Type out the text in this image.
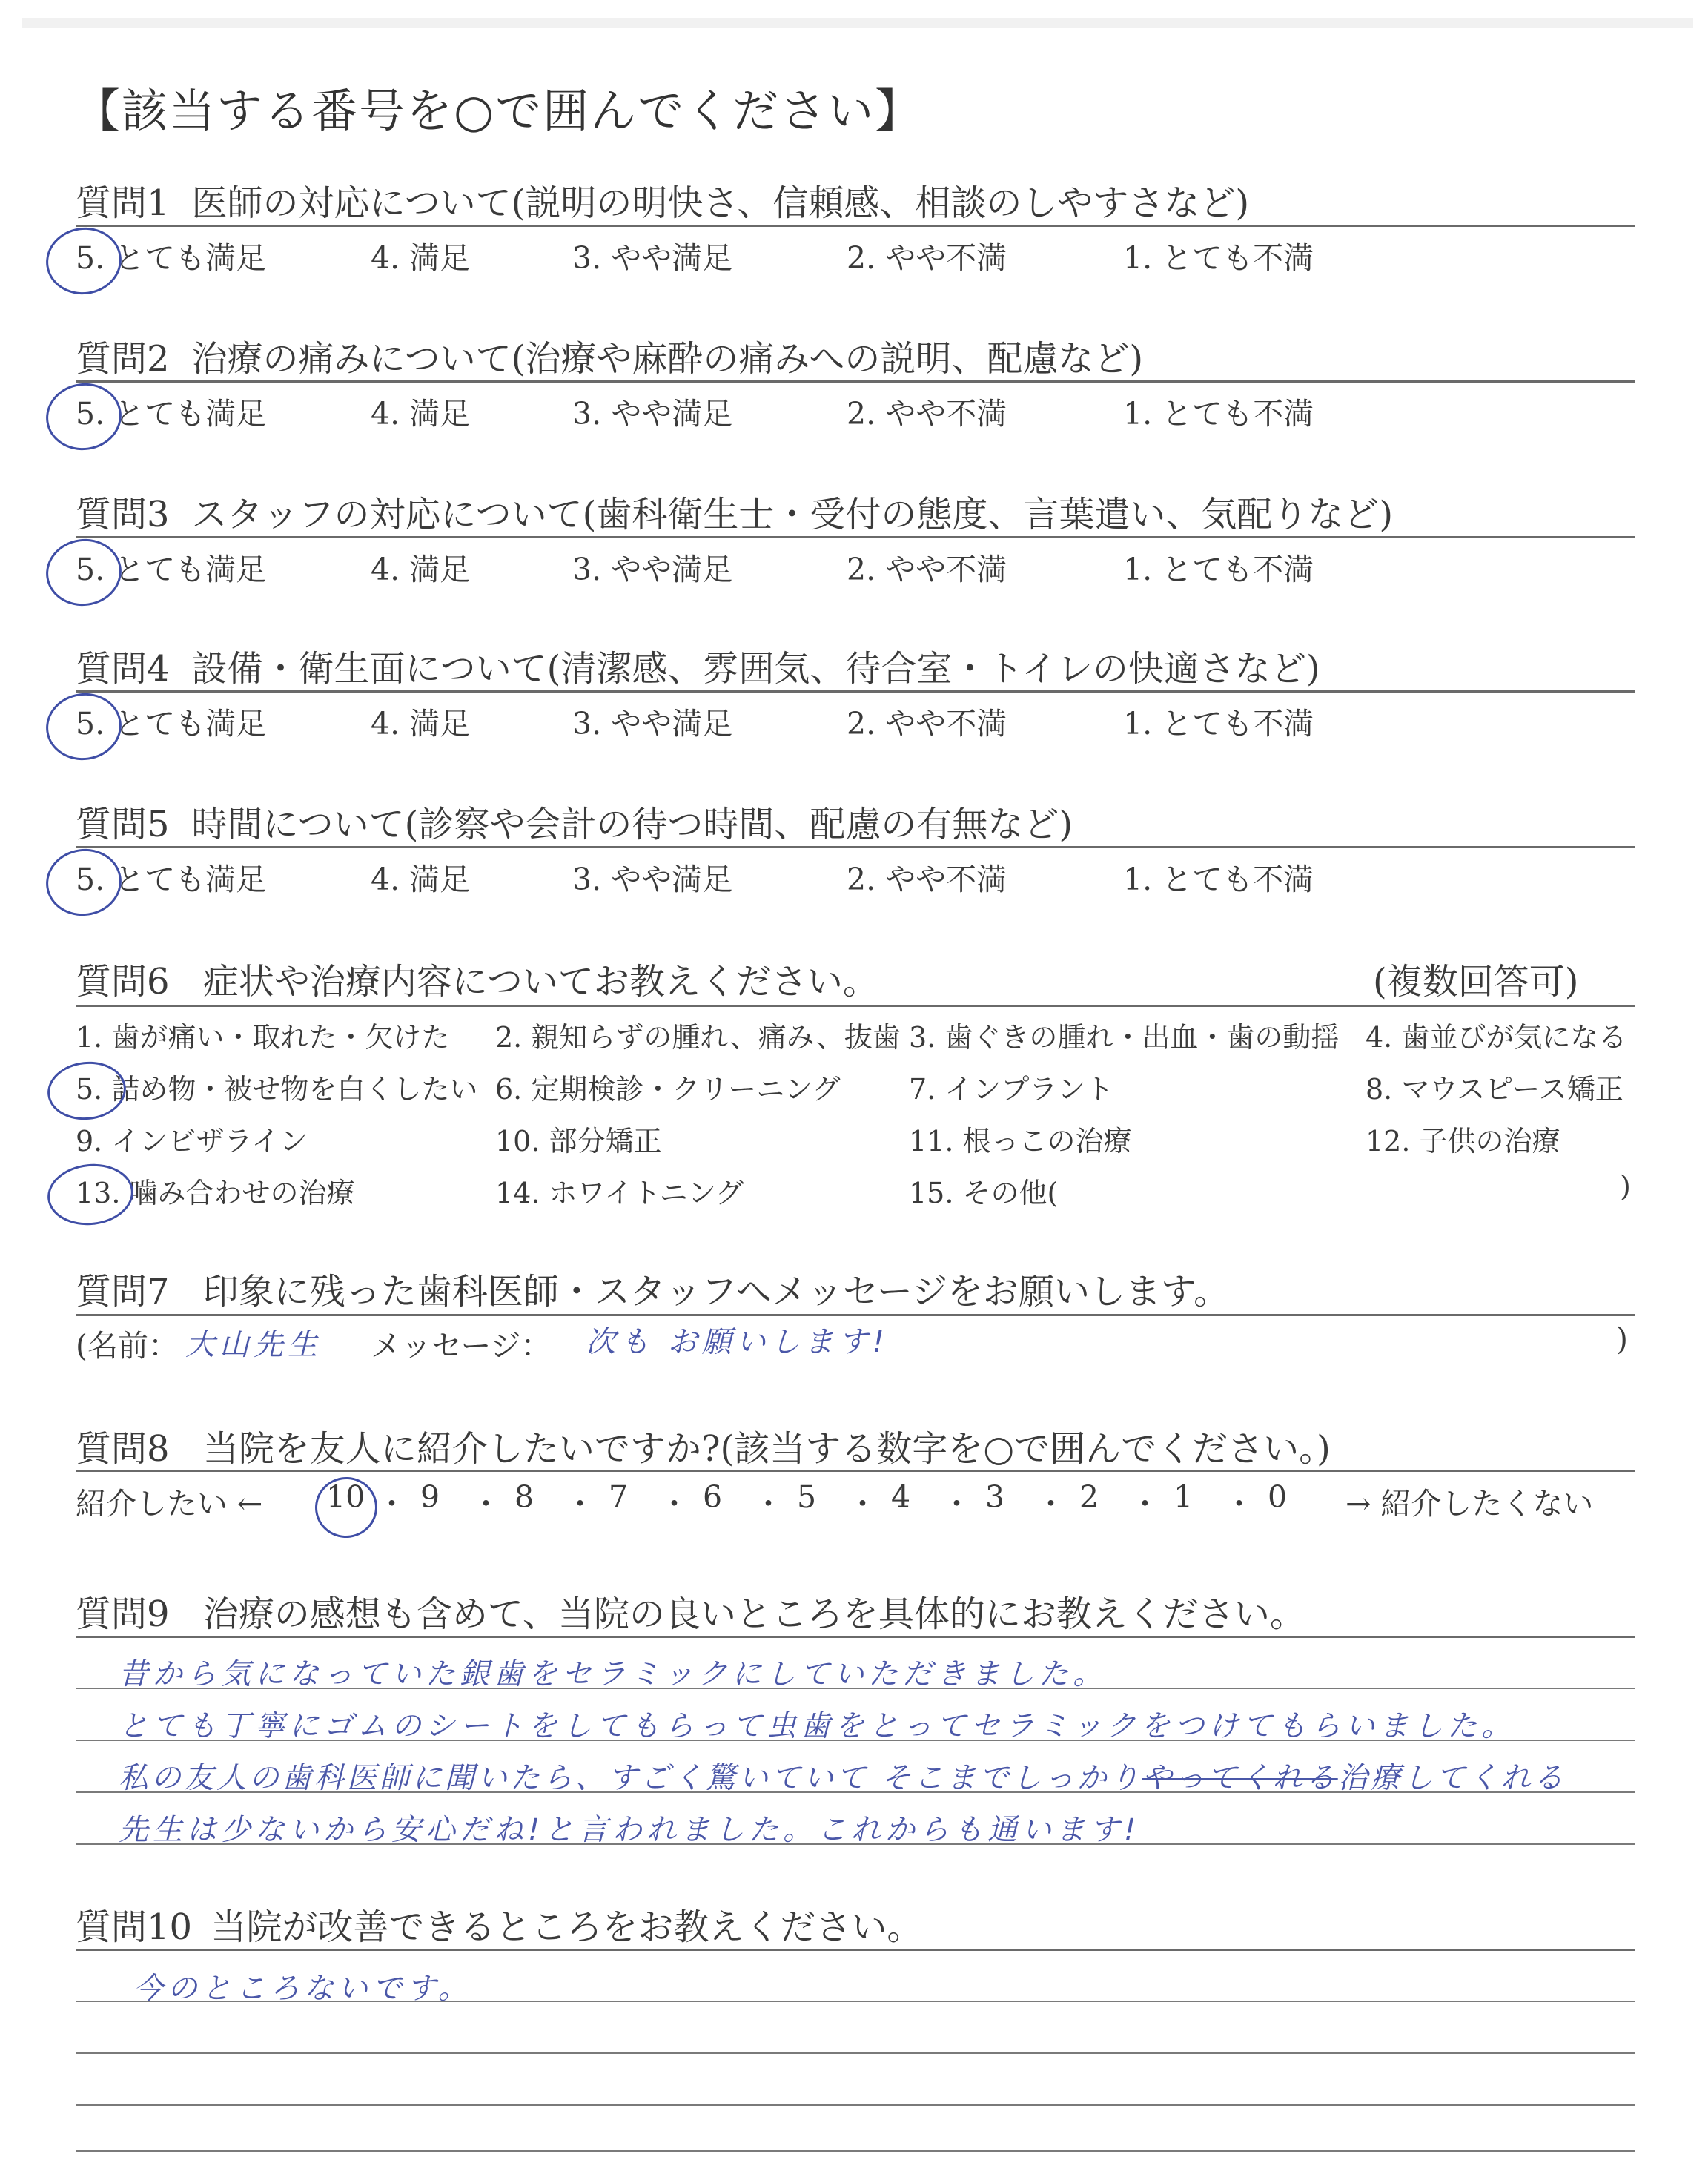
【該当する番号を○で囲んでください】
質問1 医師の対応について(説明の明快さ、信頼感、相談のしやすさなど)
5. とても満足	4. 満足	3. やや満足	2. やや不満	1. とても不満
質問2 治療の痛みについて(治療や麻酔の痛みへの説明、配慮など)
5. とても満足	4. 満足	3. やや満足	2. やや不満	1. とても不満
質問3 スタッフの対応について(歯科衛生士・受付の態度、言葉遣い、気配りなど)
5. とても満足	4. 満足	3. やや満足	2. やや不満	1. とても不満
質問4 設備・衛生面について(清潔感、雰囲気、待合室・トイレの快適さなど)
5. とても満足	4. 満足	3. やや満足	2. やや不満	1. とても不満
質問5 時間について(診察や会計の待つ時間、配慮の有無など)
5. とても満足	4. 満足	3. やや満足	2. やや不満	1. とても不満
質問6 症状や治療内容についてお教えください。	(複数回答可)
1. 歯が痛い・取れた・欠けた 2. 親知らずの腫れ、痛み、抜歯 3. 歯ぐきの腫れ・出血・歯の動揺 4. 歯並びが気になる
5. 詰め物・被せ物を白くしたい 6. 定期検診・クリーニング 7. インプラント	8. マウスピース矯正
9. インビザライン	10. 部分矯正	11. 根っこの治療	12. 子供の治療
13. 噛み合わせの治療	14. ホワイトニング	15. その他(	)
質問7 印象に残った歯科医師・スタッフへメッセージをお願いします。
(名前： 大山先生 メッセージ： 次も お願いします!	)
質問8 当院を友人に紹介したいですか?(該当する数字を○で囲んでください。)
紹介したい ← 10 ・ 9 ・ 8 ・ 7 ・ 6 ・ 5 ・ 4 ・ 3 ・ 2 ・ 1 ・ 0 → 紹介したくない
質問9 治療の感想も含めて、当院の良いところを具体的にお教えください。
昔から気になっていた銀歯をセラミックにしていただきました。
とても丁寧にゴムのシートをしてもらって虫歯をとってセラミックをつけてもらいました。
私の友人の歯科医師に聞いたら、すごく驚いていて そこまでしっかりやってくれる治療してくれる
先生は少ないから安心だね!と言われました。これからも通います!
質問10 当院が改善できるところをお教えください。
今のところないです。
